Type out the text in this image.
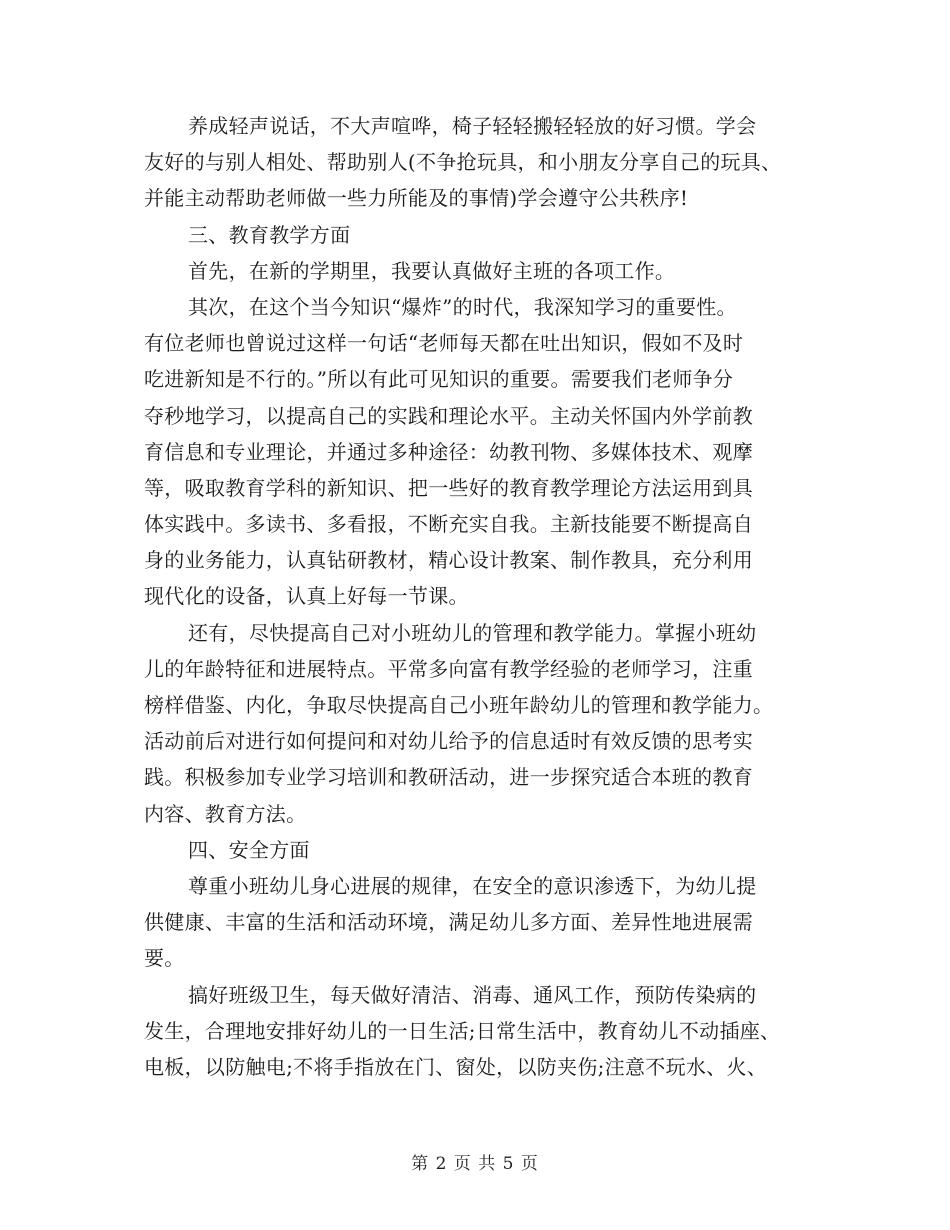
养成轻声说话，不大声喧哗，椅子轻轻搬轻轻放的好习惯。学会
友好的与别人相处、帮助别人(不争抢玩具，和小朋友分享自己的玩具、
并能主动帮助老师做一些力所能及的事情)学会遵守公共秩序!
三、教育教学方面
首先，在新的学期里，我要认真做好主班的各项工作。
其次，在这个当今知识“爆炸”的时代，我深知学习的重要性。
有位老师也曾说过这样一句话“老师每天都在吐出知识，假如不及时
吃进新知是不行的。”所以有此可见知识的重要。需要我们老师争分
夺秒地学习，以提高自己的实践和理论水平。主动关怀国内外学前教
育信息和专业理论，并通过多种途径：幼教刊物、多媒体技术、观摩
等，吸取教育学科的新知识、把一些好的教育教学理论方法运用到具
体实践中。多读书、多看报，不断充实自我。主新技能要不断提高自
身的业务能力，认真钻研教材，精心设计教案、制作教具，充分利用
现代化的设备，认真上好每一节课。
还有，尽快提高自己对小班幼儿的管理和教学能力。掌握小班幼
儿的年龄特征和进展特点。平常多向富有教学经验的老师学习，注重
榜样借鉴、内化，争取尽快提高自己小班年龄幼儿的管理和教学能力。
活动前后对进行如何提问和对幼儿给予的信息适时有效反馈的思考实
践。积极参加专业学习培训和教研活动，进一步探究适合本班的教育
内容、教育方法。
四、安全方面
尊重小班幼儿身心进展的规律，在安全的意识渗透下，为幼儿提
供健康、丰富的生活和活动环境，满足幼儿多方面、差异性地进展需
要。
搞好班级卫生，每天做好清洁、消毒、通风工作，预防传染病的
发生，合理地安排好幼儿的一日生活;日常生活中，教育幼儿不动插座、
电板，以防触电;不将手指放在门、窗处，以防夹伤;注意不玩水、火、
第 2 页 共 5 页
